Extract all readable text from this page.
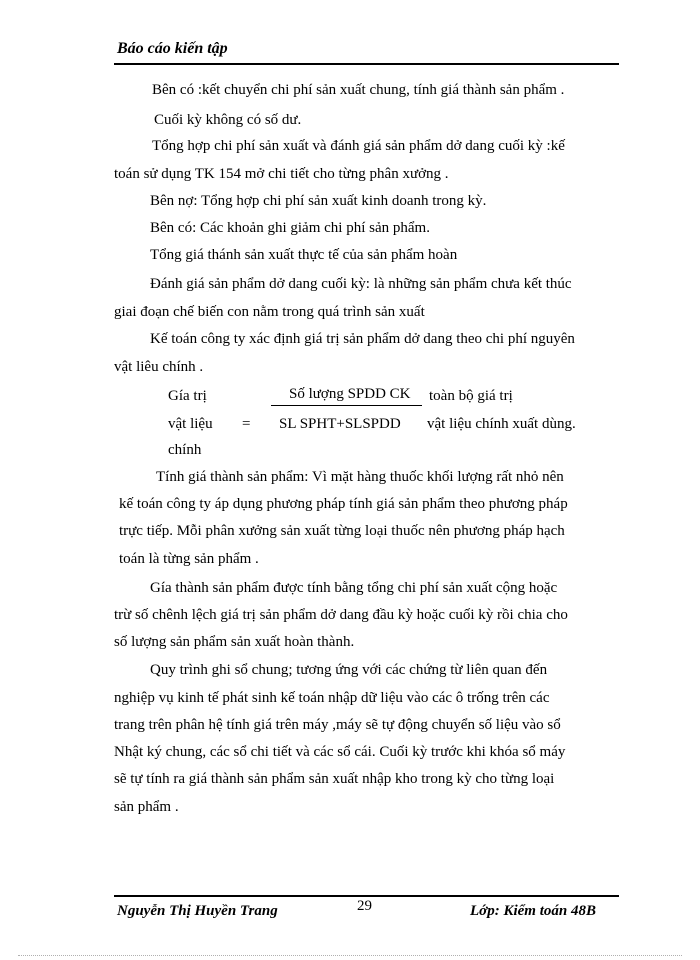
Báo cáo kiến tập
Bên có :kết chuyển chi phí sản xuất chung, tính giá thành sản phẩm .
Cuối kỳ không có số dư.
Tổng hợp chi phí sản xuất và đánh giá sản phẩm dở dang cuối kỳ :kế
toán sử dụng TK 154 mở chi tiết cho từng phân xưởng .
Bên nợ: Tổng hợp chi phí sản xuất kinh doanh trong kỳ.
Bên có: Các khoản ghi giảm chi phí sản phẩm.
Tổng giá thánh sản xuất thực tế của sản phẩm hoàn
Đánh giá sản phẩm dở dang cuối kỳ: là những sản phẩm chưa kết thúc
giai đoạn chế biến con nằm trong quá trình sản xuất
Kế toán công ty xác định giá trị sản phẩm dở dang theo chi phí nguyên
vật liêu chính .
Gía trị
vật liệu
chính
=
Số lượng SPDD CK
SL SPHT+SLSPDD
toàn bộ giá trị
vật liệu chính xuất dùng.
Tính giá thành sản phẩm: Vì mặt hàng thuốc khối lượng rất nhỏ nên
kế toán công ty áp dụng phương pháp tính giá sản phẩm theo phương pháp
trực tiếp. Mỗi phân xưởng sản xuất từng loại thuốc nên phương pháp hạch
toán là từng sản phẩm .
Gía thành sản phẩm được tính bằng tổng chi phí sản xuất cộng hoặc
trừ số chênh lệch giá trị sản phẩm dở dang đầu kỳ hoặc cuối kỳ rồi chia cho
số lượng sản phẩm sản xuất hoàn thành.
Quy trình ghi sổ chung; tương ứng với các chứng từ liên quan đến
nghiệp vụ kinh tế phát sinh kế toán nhập dữ liệu vào các ô trống trên các
trang trên phân hệ tính giá trên máy ,máy sẽ tự động chuyển số liệu vào sổ
Nhật ký chung, các sổ chi tiết và các sổ cái. Cuối kỳ trước khi khóa sổ máy
sẽ tự tính ra giá thành sản phẩm sản xuất nhập kho trong kỳ cho từng loại
sản phẩm .
Nguyễn Thị Huyền Trang	29	Lớp: Kiểm toán 48B
